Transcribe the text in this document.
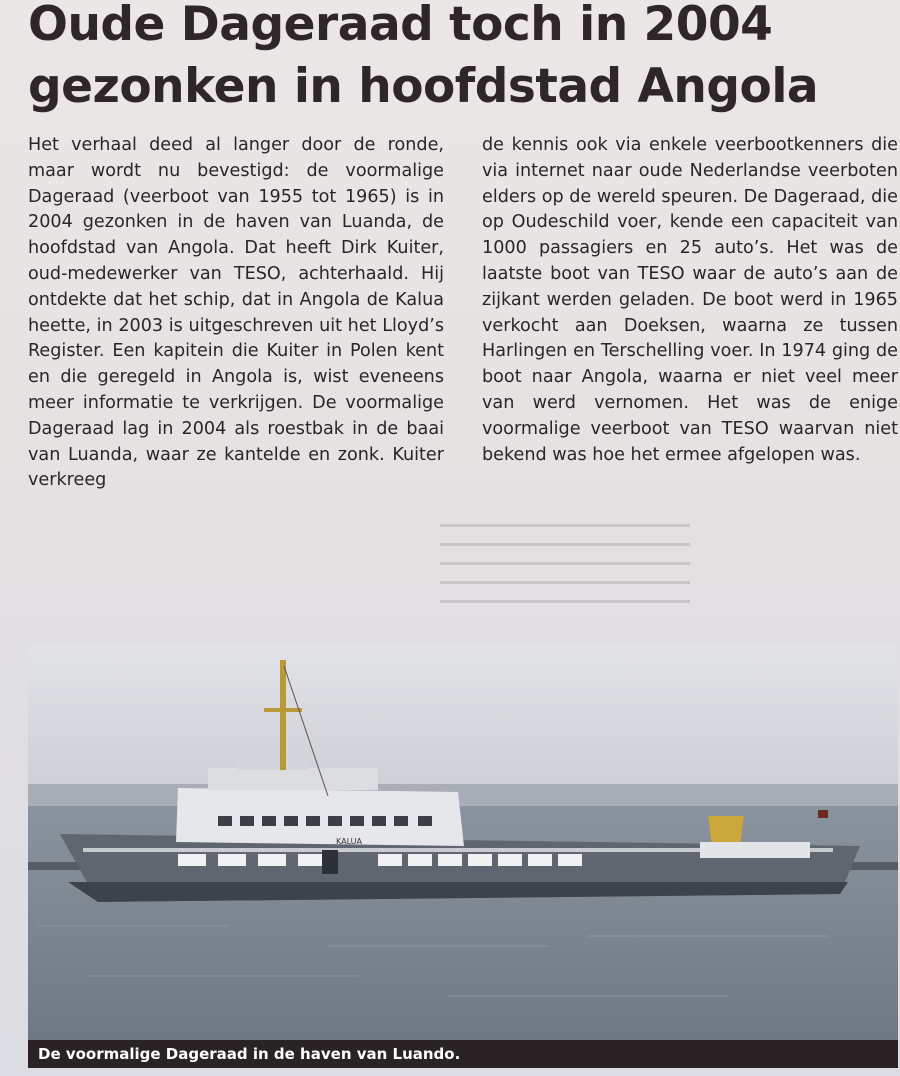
Oude Dageraad toch in 2004
gezonken in hoofdstad Angola

Het verhaal deed al langer door de ronde, maar wordt nu bevestigd: de voormalige Dageraad (veerboot van 1955 tot 1965) is in 2004 gezonken in de haven van Luanda, de hoofdstad van Angola. Dat heeft Dirk Kuiter, oud-medewerker van TESO, achterhaald. Hij ontdekte dat het schip, dat in Angola de Kalua heette, in 2003 is uitgeschreven uit het Lloyd’s Register. Een kapitein die Kuiter in Polen kent en die geregeld in Angola is, wist eveneens meer informatie te verkrijgen. De voormalige Dageraad lag in 2004 als roestbak in de baai van Luanda, waar ze kantelde en zonk. Kuiter verkreeg

de kennis ook via enkele veerbootkenners die via internet naar oude Nederlandse veerboten elders op de wereld speuren. De Dageraad, die op Oudeschild voer, kende een capaciteit van 1000 passagiers en 25 auto’s. Het was de laatste boot van TESO waar de auto’s aan de zijkant werden geladen. De boot werd in 1965 verkocht aan Doeksen, waarna ze tussen Harlingen en Terschelling voer. In 1974 ging de boot naar Angola, waarna er niet veel meer van werd vernomen. Het was de enige voormalige veerboot van TESO waarvan niet bekend was hoe het ermee afgelopen was.

KALUA
De voormalige Dageraad in de haven van Luando.
